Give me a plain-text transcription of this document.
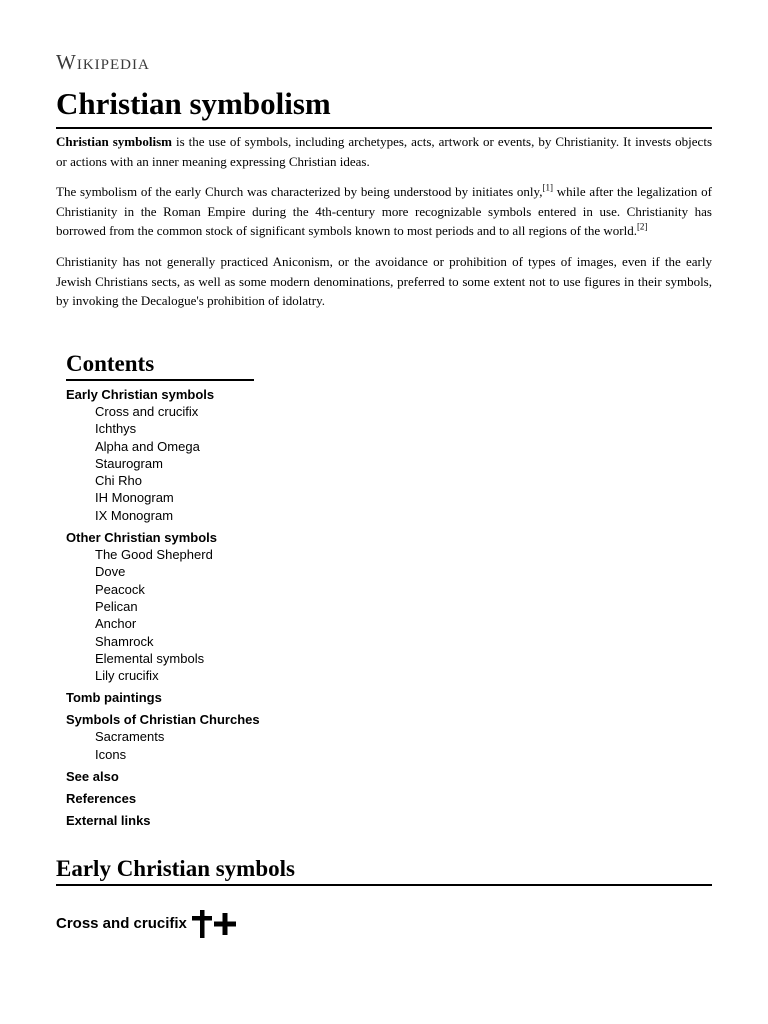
Wikipedia
Christian symbolism

Christian symbolism is the use of symbols, including archetypes, acts, artwork or events, by Christianity. It invests objects or actions with an inner meaning expressing Christian ideas.

The symbolism of the early Church was characterized by being understood by initiates only,[1] while after the legalization of Christianity in the Roman Empire during the 4th-century more recognizable symbols entered in use. Christianity has borrowed from the common stock of significant symbols known to most periods and to all regions of the world.[2]

Christianity has not generally practiced Aniconism, or the avoidance or prohibition of types of images, even if the early Jewish Christians sects, as well as some modern denominations, preferred to some extent not to use figures in their symbols, by invoking the Decalogue's prohibition of idolatry.

Contents
Early Christian symbols
Cross and crucifix
Ichthys
Alpha and Omega
Staurogram
Chi Rho
IH Monogram
IX Monogram
Other Christian symbols
The Good Shepherd
Dove
Peacock
Pelican
Anchor
Shamrock
Elemental symbols
Lily crucifix
Tomb paintings
Symbols of Christian Churches
Sacraments
Icons
See also
References
External links
Early Christian symbols
Cross and crucifix
